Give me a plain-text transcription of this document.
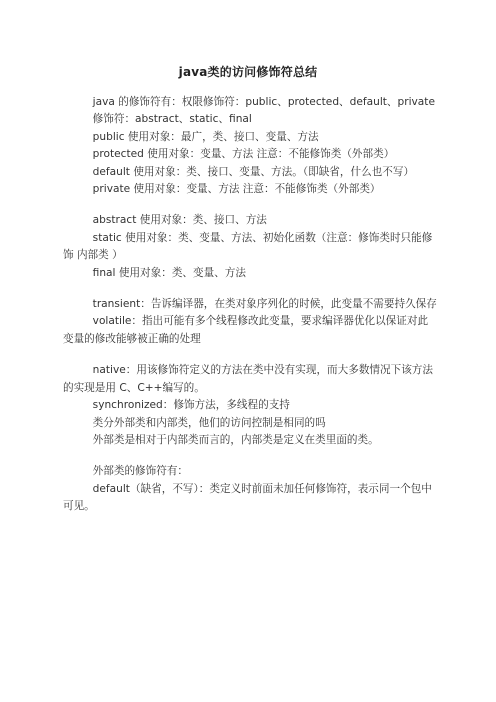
java类的访问修饰符总结

java 的修饰符有：权限修饰符：public、protected、default、private

修饰符：abstract、static、final

public 使用对象：最广，类、接口、变量、方法

protected 使用对象：变量、方法 注意：不能修饰类（外部类）

default 使用对象：类、接口、变量、方法。（即缺省，什么也不写）

private 使用对象：变量、方法 注意：不能修饰类（外部类）

abstract 使用对象：类、接口、方法

static 使用对象：类、变量、方法、初始化函数（注意：修饰类时只能修饰 内部类 ）

final 使用对象：类、变量、方法

transient：告诉编译器，在类对象序列化的时候，此变量不需要持久保存

volatile：指出可能有多个线程修改此变量，要求编译器优化以保证对此变量的修改能够被正确的处理

native：用该修饰符定义的方法在类中没有实现，而大多数情况下该方法的实现是用 C、C++编写的。

synchronized：修饰方法，多线程的支持

类分外部类和内部类，他们的访问控制是相同的吗

外部类是相对于内部类而言的，内部类是定义在类里面的类。

外部类的修饰符有：

default（缺省，不写）：类定义时前面未加任何修饰符，表示同一个包中可见。
